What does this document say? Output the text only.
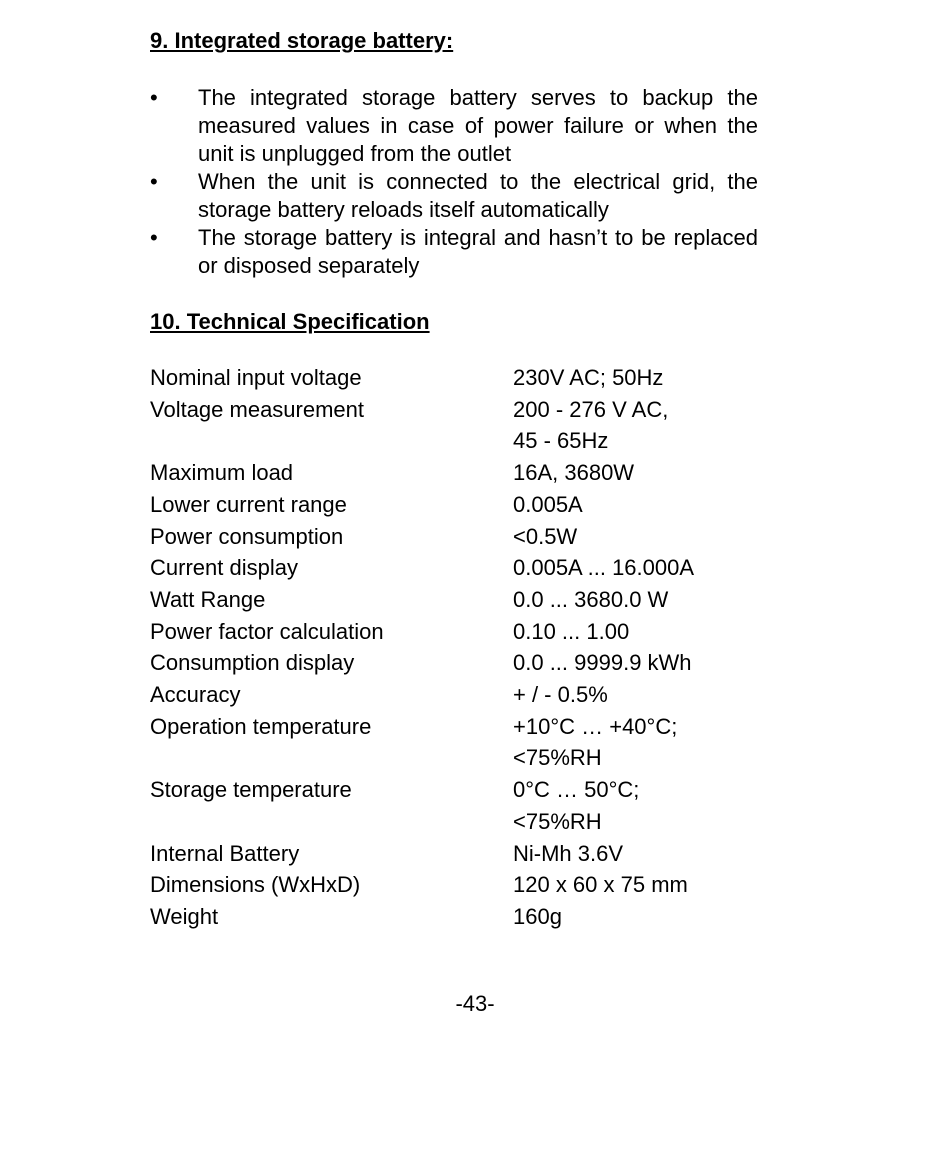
9. Integrated storage battery:
•	The integrated storage battery serves to backup the measured values in case of power failure or when the unit is unplugged from the outlet
•	When the unit is connected to the electrical grid, the storage battery reloads itself automatically
•	The storage battery is integral and hasn’t to be replaced or disposed separately
10. Technical Specification
Nominal input voltage	230V AC; 50Hz
Voltage measurement	200 - 276 V AC,
	45 - 65Hz
Maximum load	16A, 3680W
Lower current range	0.005A
Power consumption	<0.5W
Current display	0.005A ... 16.000A
Watt Range	0.0 ... 3680.0 W
Power factor calculation	0.10 ... 1.00
Consumption display	0.0 ... 9999.9 kWh
Accuracy	+ / - 0.5%
Operation temperature	+10°C … +40°C;
	<75%RH
Storage temperature	0°C … 50°C;
	<75%RH
Internal Battery	Ni-Mh 3.6V
Dimensions (WxHxD)	120 x 60 x 75 mm
Weight	160g
-43-
